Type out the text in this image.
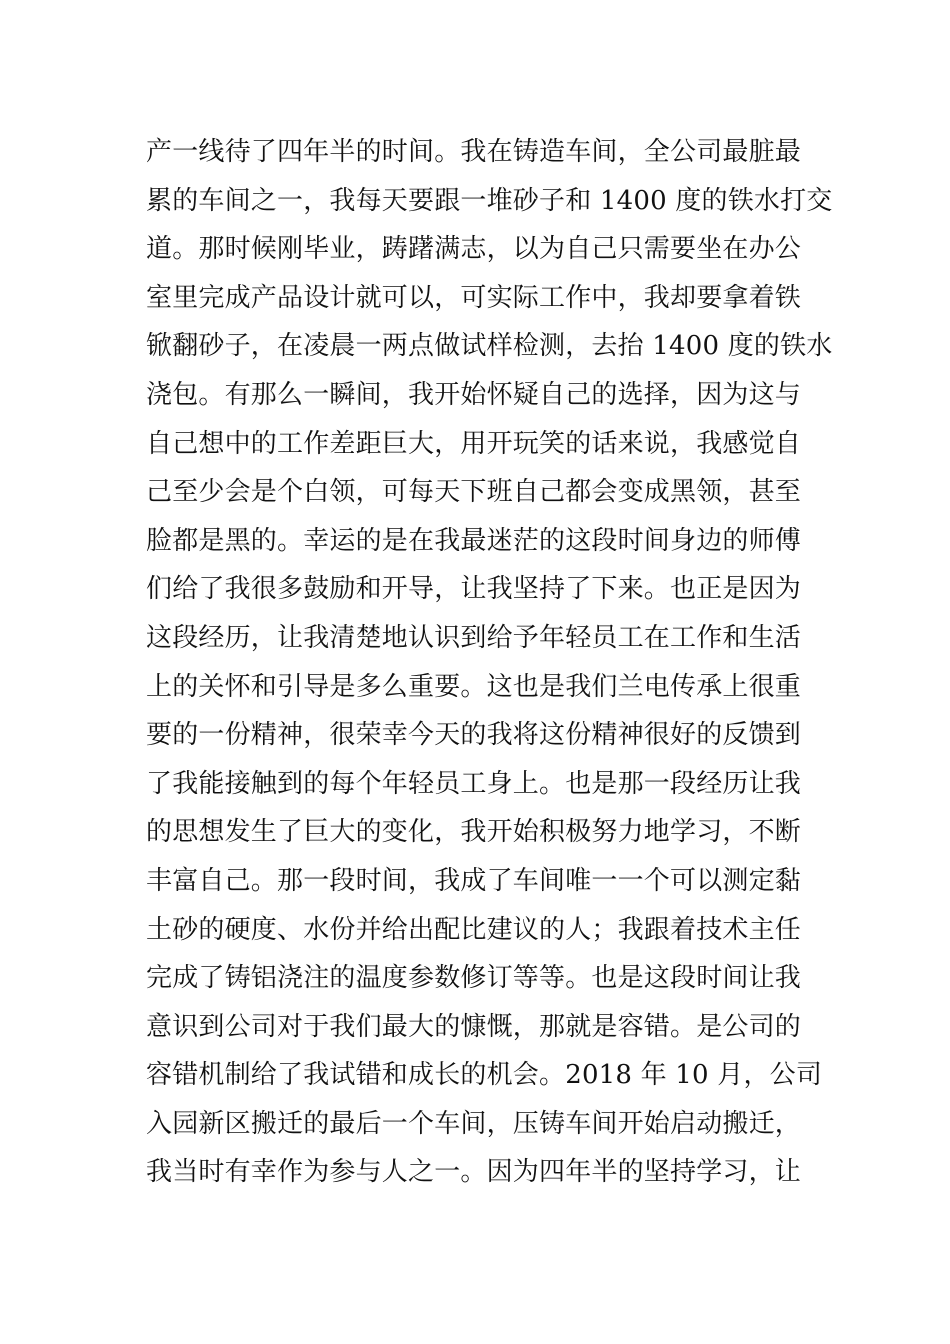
产一线待了四年半的时间。我在铸造车间，全公司最脏最
累的车间之一，我每天要跟一堆砂子和 1400 度的铁水打交
道。那时候刚毕业，踌躇满志，以为自己只需要坐在办公
室里完成产品设计就可以，可实际工作中，我却要拿着铁
锨翻砂子，在凌晨一两点做试样检测，去抬 1400 度的铁水
浇包。有那么一瞬间，我开始怀疑自己的选择，因为这与
自己想中的工作差距巨大，用开玩笑的话来说，我感觉自
己至少会是个白领，可每天下班自己都会变成黑领，甚至
脸都是黑的。幸运的是在我最迷茫的这段时间身边的师傅
们给了我很多鼓励和开导，让我坚持了下来。也正是因为
这段经历，让我清楚地认识到给予年轻员工在工作和生活
上的关怀和引导是多么重要。这也是我们兰电传承上很重
要的一份精神，很荣幸今天的我将这份精神很好的反馈到
了我能接触到的每个年轻员工身上。也是那一段经历让我
的思想发生了巨大的变化，我开始积极努力地学习，不断
丰富自己。那一段时间，我成了车间唯一一个可以测定黏
土砂的硬度、水份并给出配比建议的人；我跟着技术主任
完成了铸铝浇注的温度参数修订等等。也是这段时间让我
意识到公司对于我们最大的慷慨，那就是容错。是公司的
容错机制给了我试错和成长的机会。2018 年 10 月，公司
入园新区搬迁的最后一个车间，压铸车间开始启动搬迁，
我当时有幸作为参与人之一。因为四年半的坚持学习，让
